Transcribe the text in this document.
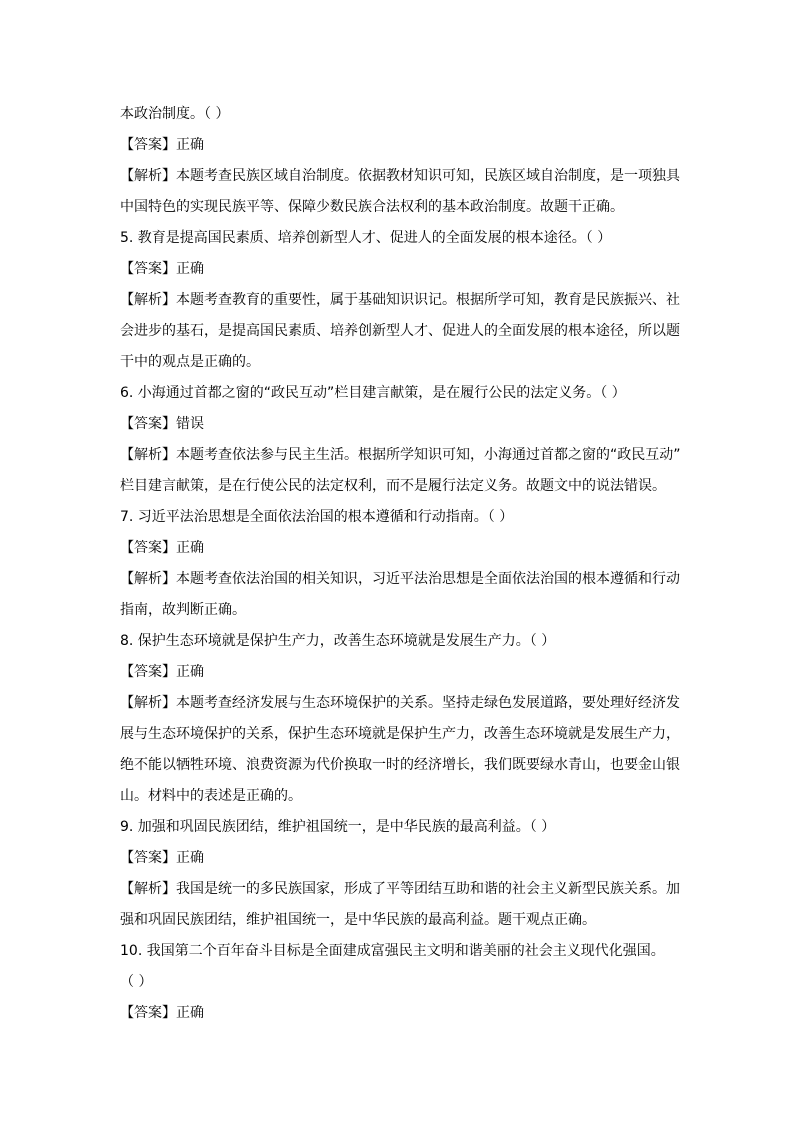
本政治制度。（ ）
【答案】正确
【解析】本题考查民族区域自治制度。依据教材知识可知，民族区域自治制度，是一项独具
中国特色的实现民族平等、保障少数民族合法权利的基本政治制度。故题干正确。
5. 教育是提高国民素质、培养创新型人才、促进人的全面发展的根本途径。（ ）
【答案】正确
【解析】本题考查教育的重要性，属于基础知识识记。根据所学可知，教育是民族振兴、社
会进步的基石，是提高国民素质、培养创新型人才、促进人的全面发展的根本途径，所以题
干中的观点是正确的。
6. 小海通过首都之窗的“政民互动”栏目建言献策，是在履行公民的法定义务。（ ）
【答案】错误
【解析】本题考查依法参与民主生活。根据所学知识可知，小海通过首都之窗的“政民互动”
栏目建言献策，是在行使公民的法定权利，而不是履行法定义务。故题文中的说法错误。
7. 习近平法治思想是全面依法治国的根本遵循和行动指南。（ ）
【答案】正确
【解析】本题考查依法治国的相关知识，习近平法治思想是全面依法治国的根本遵循和行动
指南，故判断正确。
8. 保护生态环境就是保护生产力，改善生态环境就是发展生产力。（ ）
【答案】正确
【解析】本题考查经济发展与生态环境保护的关系。坚持走绿色发展道路，要处理好经济发
展与生态环境保护的关系，保护生态环境就是保护生产力，改善生态环境就是发展生产力，
绝不能以牺牲环境、浪费资源为代价换取一时的经济增长，我们既要绿水青山，也要金山银
山。材料中的表述是正确的。
9. 加强和巩固民族团结，维护祖国统一，是中华民族的最高利益。（ ）
【答案】正确
【解析】我国是统一的多民族国家，形成了平等团结互助和谐的社会主义新型民族关系。加
强和巩固民族团结，维护祖国统一，是中华民族的最高利益。题干观点正确。
10. 我国第二个百年奋斗目标是全面建成富强民主文明和谐美丽的社会主义现代化强国。
（ ）
【答案】正确
